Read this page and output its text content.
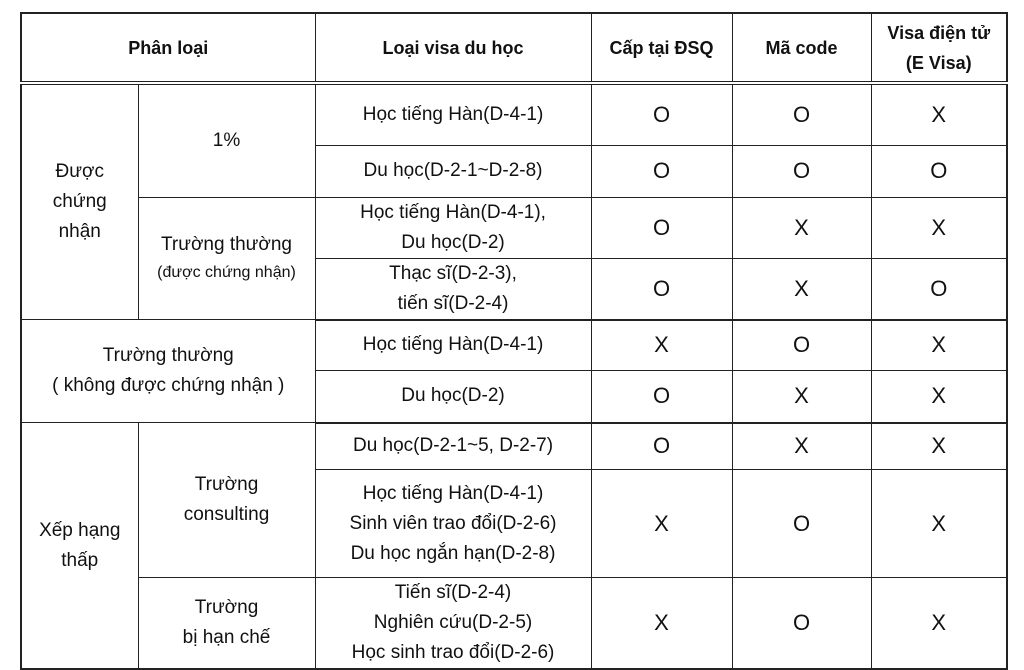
Phân loại		Loại visa du học	Cấp tại ĐSQ	Mã code	Visa điện tử
(E Visa)

Được
chứng
nhận	1%	Học tiếng Hàn(D-4-1)	O	O	X

		Du học(D-2-1~D-2-8)	O	O	O

	Trường thường
(được chứng nhận)	Học tiếng Hàn(D-4-1),
Du học(D-2)	O	X	X

		Thạc sĩ(D-2-3),
tiến sĩ(D-2-4)	O	X	O

Trường thường
( không được chứng nhận )		Học tiếng Hàn(D-4-1)	X	O	X

		Du học(D-2)	O	X	X

Xếp hạng
thấp	Trường
consulting	Du học(D-2-1~5, D-2-7)	O	X	X

		Học tiếng Hàn(D-4-1)
Sinh viên trao đổi(D-2-6)
Du học ngắn hạn(D-2-8)	X	O	X

	Trường
bị hạn chế	Tiến sĩ(D-2-4)
Nghiên cứu(D-2-5)
Học sinh trao đổi(D-2-6)	X	O	X
